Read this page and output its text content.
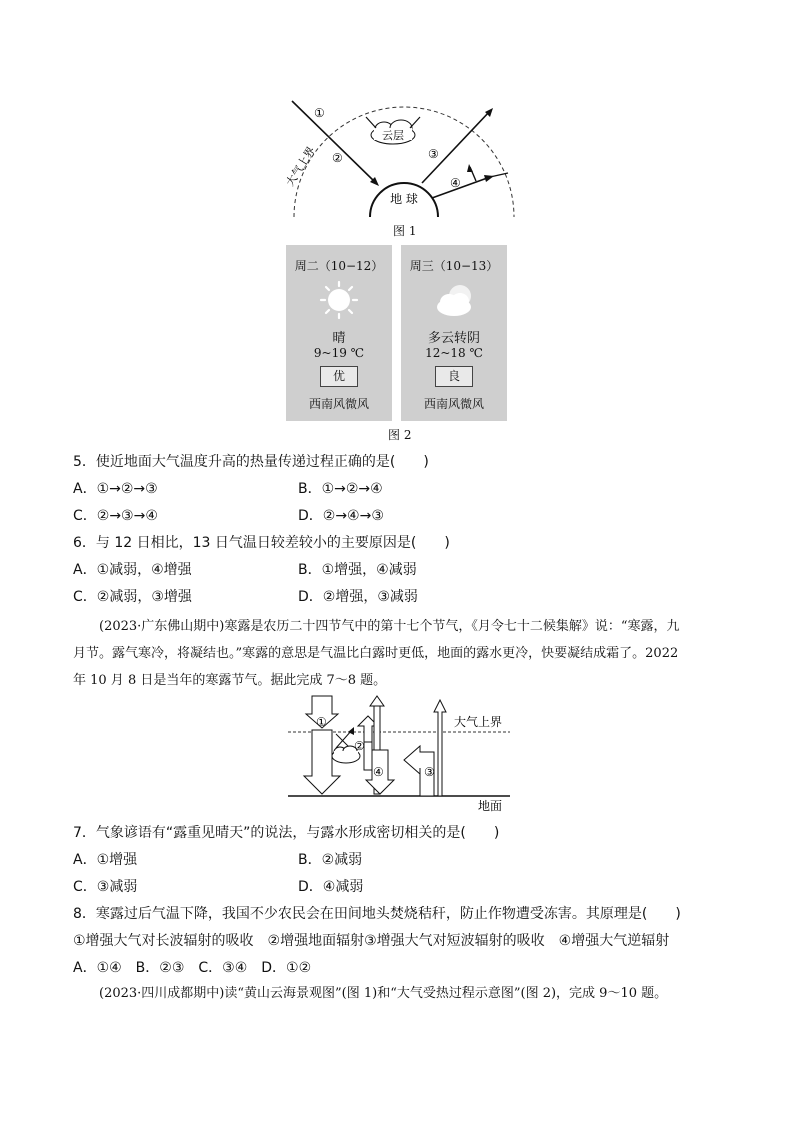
地 球
云层
①
②	③
④
大气上界
图 1
周二（10−12）
晴
9~19 ℃
优
西南风微风
周三（10−13）
多云转阴
12~18 ℃
良
西南风微风
图 2
5．使近地面大气温度升高的热量传递过程正确的是(　　)
A．①→②→③	B．①→②→④
C．②→③→④	D．②→④→③
6．与 12 日相比，13 日气温日较差较小的主要原因是(　　)
A．①减弱，④增强	B．①增强，④减弱
C．②减弱，③增强	D．②增强，③减弱
(2023·广东佛山期中)寒露是农历二十四节气中的第十七个节气，《月令七十二候集解》说：“寒露，九
月节。露气寒冷，将凝结也。”寒露的意思是气温比白露时更低，地面的露水更冷，快要凝结成霜了。2022
年 10 月 8 日是当年的寒露节气。据此完成 7～8 题。
①
②
③
④
大气上界
地面
7．气象谚语有“露重见晴天”的说法，与露水形成密切相关的是(　　)
A．①增强	B．②减弱
C．③减弱	D．④减弱
8．寒露过后气温下降，我国不少农民会在田间地头焚烧秸秆，防止作物遭受冻害。其原理是(　　)
①增强大气对长波辐射的吸收　②增强地面辐射③增强大气对短波辐射的吸收　④增强大气逆辐射
A．①④　B．②③　C．③④　D．①②
(2023·四川成都期中)读“黄山云海景观图”(图 1)和“大气受热过程示意图”(图 2)，完成 9～10 题。
